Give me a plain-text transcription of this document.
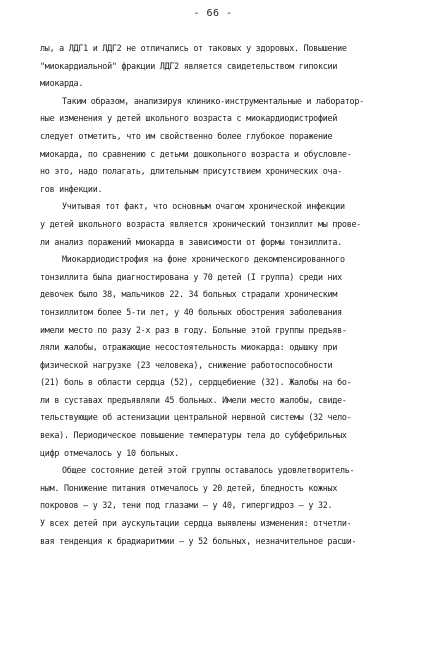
- 66 -
лы, а ЛДГ1 и ЛДГ2 не отличались от таковых у здоровых. Повышение
"миокардиальной" фракции ЛДГ2 является свидетельством гипоксии
миокарда.
Таким образом, анализируя клинико-инструментальные и лаборатор-
ные изменения у детей школьного возраста с миокардиодистрофией
следует отметить, что им свойственно более глубокое поражение
миокарда, по сравнению с детьми дошкольного возраста и обусловле-
но это, надо полагать, длительным присутствием хронических оча-
гов инфекции.
Учитывая тот факт, что основным очагом хронической инфекции
у детей школьного возраста является хронический тонзиллит мы прове-
ли анализ поражений миокарда в зависимости от формы тонзиллита.
Миокардиодистрофия на фоне хронического декомпенсированного
тонзиллита была диагностирована у 70 детей (I группа) среди них
девочек было 38, мальчиков 22. 34 больных страдали хроническим
тонзиллитом более 5-ти лет, у 40 больных обострения заболевания
имели место по разу 2-х раз в году. Больные этой группы предъяв-
ляли жалобы, отражающие несостоятельность миокарда: одышку при
физической нагрузке (23 человека), снижение работоспособности
(21) боль в области сердца (52), сердцебиение (32). Жалобы на бо-
ли в суставах предъявляли 45 больных. Имели место жалобы, свиде-
тельствующие об астенизации центральной нервной системы (32 чело-
века). Периодическое повышение температуры тела до субфебрильных
цифр отмечалось у 10 больных.
Общее состояние детей этой группы оставалось удовлетворитель-
ным. Понижение питания отмечалось у 20 детей, бледность кожных
покровов – у 32, тени под глазами – у 40, гипергидроз – у 32.
У всех детей при аускультации сердца выявлены изменения: отчетли-
вая тенденция к брадиаритмии – у 52 больных, незначительное расши-
